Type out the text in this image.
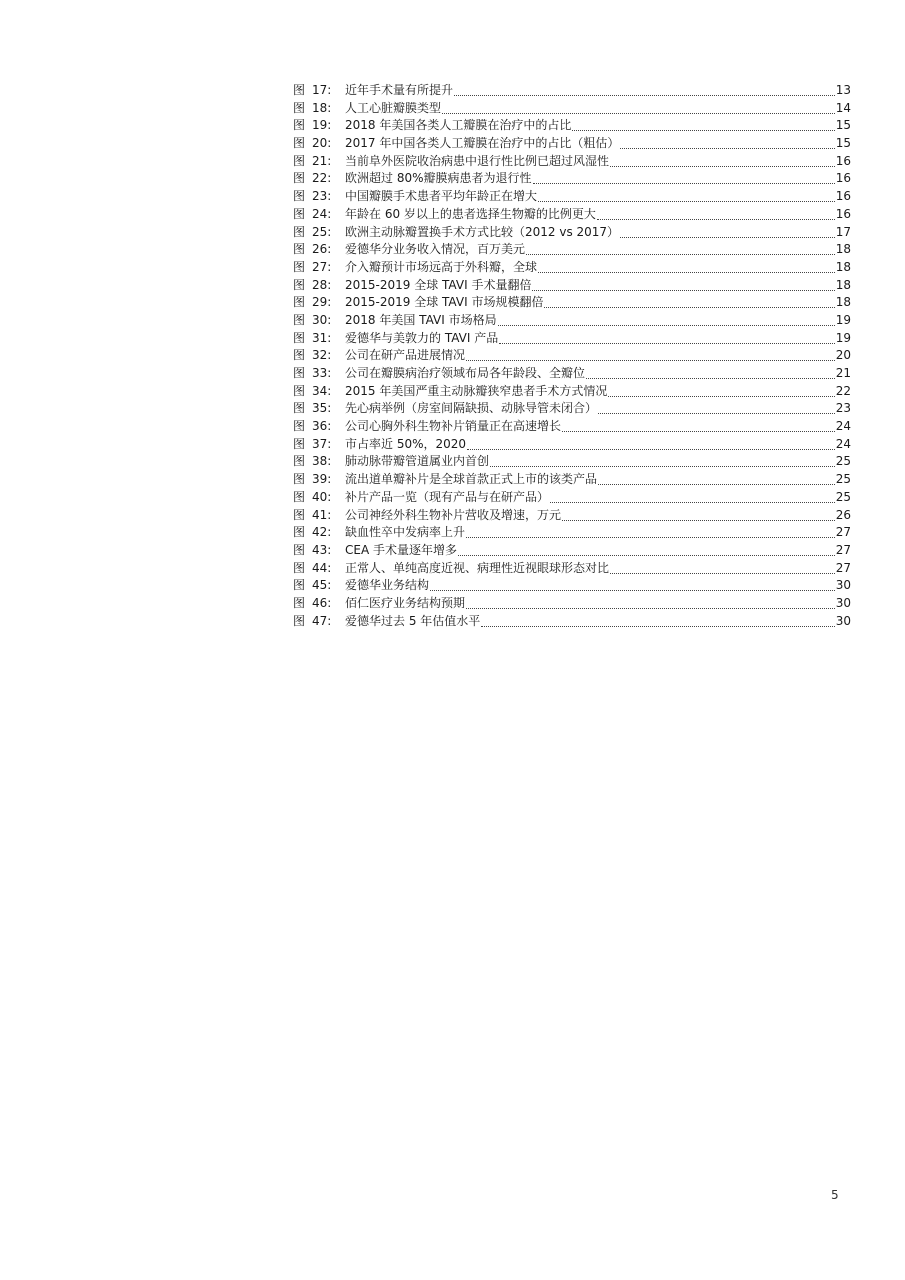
图 17:	近年手术量有所提升	13
图 18:	人工心脏瓣膜类型	14
图 19:	2018 年美国各类人工瓣膜在治疗中的占比	15
图 20:	2017 年中国各类人工瓣膜在治疗中的占比（粗估）	15
图 21:	当前阜外医院收治病患中退行性比例已超过风湿性	16
图 22:	欧洲超过 80%瓣膜病患者为退行性	16
图 23:	中国瓣膜手术患者平均年龄正在增大	16
图 24:	年龄在 60 岁以上的患者选择生物瓣的比例更大	16
图 25:	欧洲主动脉瓣置换手术方式比较（2012 vs 2017）	17
图 26:	爱德华分业务收入情况，百万美元	18
图 27:	介入瓣预计市场远高于外科瓣，全球	18
图 28:	2015-2019 全球 TAVI 手术量翻倍	18
图 29:	2015-2019 全球 TAVI 市场规模翻倍	18
图 30:	2018 年美国 TAVI 市场格局	19
图 31:	爱德华与美敦力的 TAVI 产品	19
图 32:	公司在研产品进展情况	20
图 33:	公司在瓣膜病治疗领域布局各年龄段、全瓣位	21
图 34:	2015 年美国严重主动脉瓣狭窄患者手术方式情况	22
图 35:	先心病举例（房室间隔缺损、动脉导管未闭合）	23
图 36:	公司心胸外科生物补片销量正在高速增长	24
图 37:	市占率近 50%，2020	24
图 38:	肺动脉带瓣管道属业内首创	25
图 39:	流出道单瓣补片是全球首款正式上市的该类产品	25
图 40:	补片产品一览（现有产品与在研产品）	25
图 41:	公司神经外科生物补片营收及增速，万元	26
图 42:	缺血性卒中发病率上升	27
图 43:	CEA 手术量逐年增多	27
图 44:	正常人、单纯高度近视、病理性近视眼球形态对比	27
图 45:	爱德华业务结构	30
图 46:	佰仁医疗业务结构预期	30
图 47:	爱德华过去 5 年估值水平	30
5
